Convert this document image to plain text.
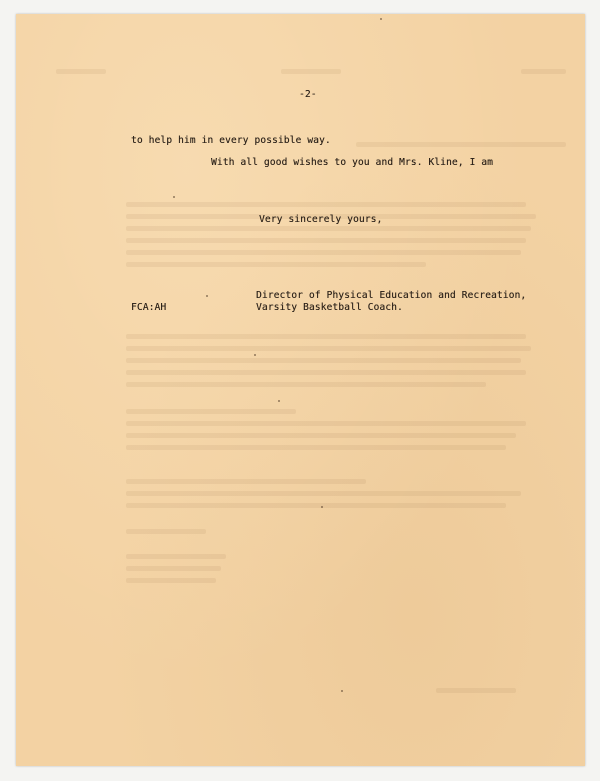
-2-
to help him in every possible way.
With all good wishes to you and Mrs. Kline, I am
Very sincerely yours,
FCA:AH
Director of Physical Education and Recreation,
Varsity Basketball Coach.
